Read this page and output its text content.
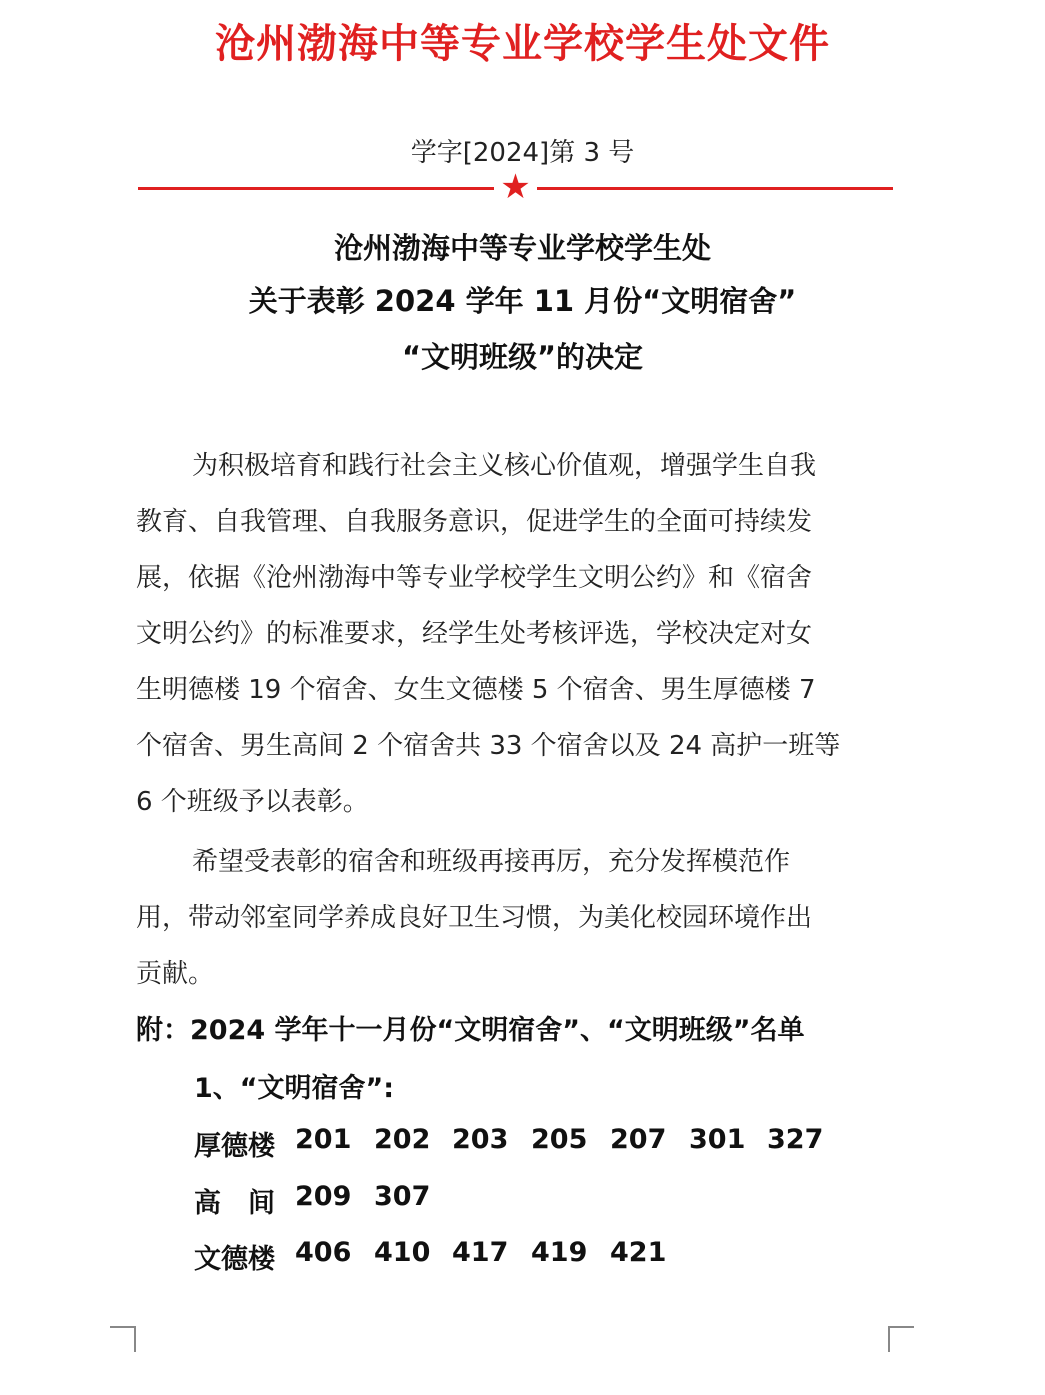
沧州渤海中等专业学校学生处文件
学字[2024]第 3 号
★
沧州渤海中等专业学校学生处
关于表彰 2024 学年 11 月份“文明宿舍”
“文明班级”的决定
为积极培育和践行社会主义核心价值观，增强学生自我
教育、自我管理、自我服务意识，促进学生的全面可持续发
展，依据《沧州渤海中等专业学校学生文明公约》和《宿舍
文明公约》的标准要求，经学生处考核评选，学校决定对女
生明德楼 19 个宿舍、女生文德楼 5 个宿舍、男生厚德楼 7
个宿舍、男生高间 2 个宿舍共 33 个宿舍以及 24 高护一班等
6 个班级予以表彰。
希望受表彰的宿舍和班级再接再厉，充分发挥模范作
用，带动邻室同学养成良好卫生习惯，为美化校园环境作出
贡献。
附：2024 学年十一月份“文明宿舍”、“文明班级”名单
1、“文明宿舍”:
厚德楼 201 202 203 205 207 301 327
高　间 209 307
文德楼 406 410 417 419 421
